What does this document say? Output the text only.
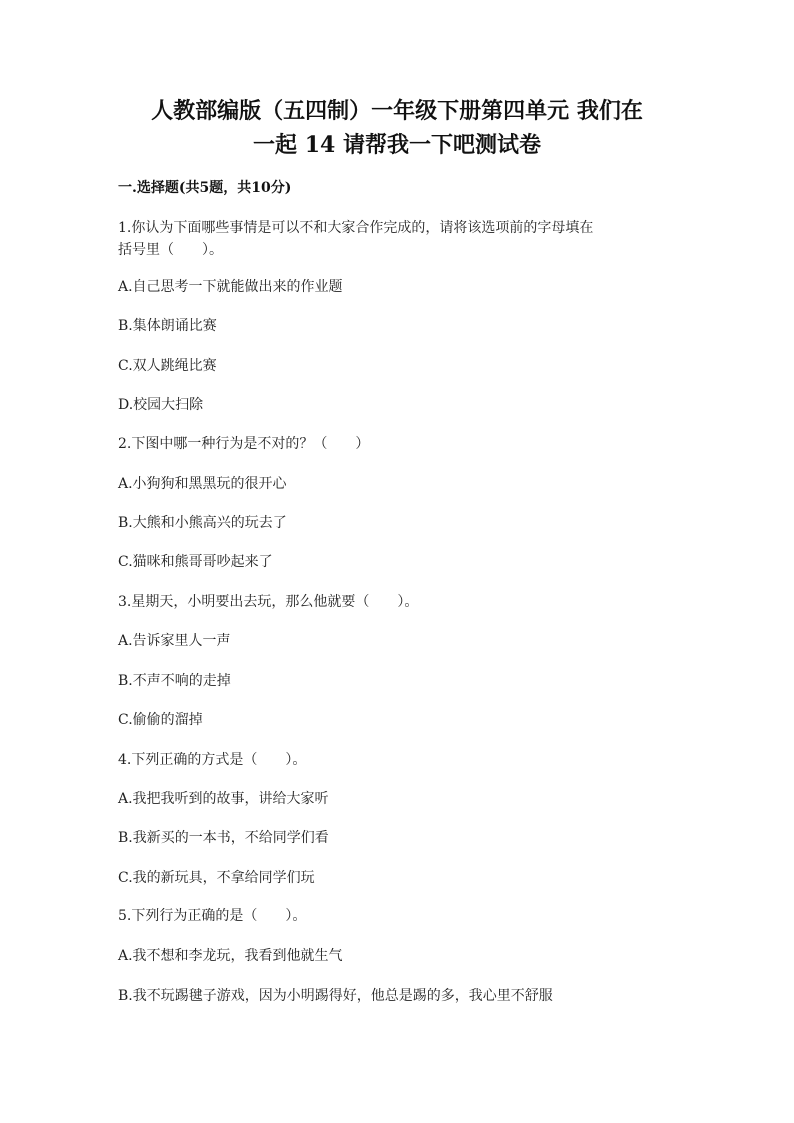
人教部编版（五四制）一年级下册第四单元 我们在
一起 14 请帮我一下吧测试卷
一.选择题(共5题，共10分)
1.你认为下面哪些事情是可以不和大家合作完成的，请将该选项前的字母填在
括号里（　　）。
A.自己思考一下就能做出来的作业题
B.集体朗诵比赛
C.双人跳绳比赛
D.校园大扫除
2.下图中哪一种行为是不对的？（　　）
A.小狗狗和黑黑玩的很开心
B.大熊和小熊高兴的玩去了
C.猫咪和熊哥哥吵起来了
3.星期天，小明要出去玩，那么他就要（　　）。
A.告诉家里人一声
B.不声不响的走掉
C.偷偷的溜掉
4.下列正确的方式是（　　）。
A.我把我听到的故事，讲给大家听
B.我新买的一本书，不给同学们看
C.我的新玩具，不拿给同学们玩
5.下列行为正确的是（　　）。
A.我不想和李龙玩，我看到他就生气
B.我不玩踢毽子游戏，因为小明踢得好，他总是踢的多，我心里不舒服
